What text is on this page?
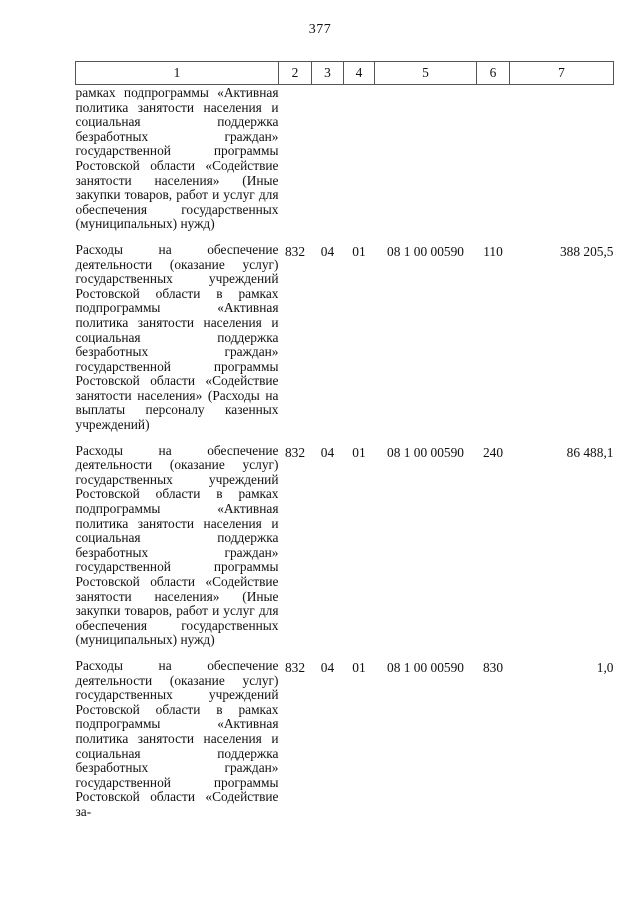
377
1	2	3	4	5	6	7
рамках подпрограммы «Активная политика занятости населения и социальная поддержка безработных граждан» государственной программы Ростовской области «Содействие занятости населения» (Иные закупки товаров, работ и услуг для обеспечения государственных (муниципальных) нужд)						
Расходы на обеспечение деятельности (оказание услуг) государственных учреждений Ростовской области в рамках подпрограммы «Активная политика занятости населения и социальная поддержка безработных граждан» государственной программы Ростовской области «Содействие занятости населения» (Расходы на выплаты персоналу казенных учреждений)	832	04	01	08 1 00 00590	110	388 205,5
Расходы на обеспечение деятельности (оказание услуг) государственных учреждений Ростовской области в рамках подпрограммы «Активная политика занятости населения и социальная поддержка безработных граждан» государственной программы Ростовской области «Содействие занятости населения» (Иные закупки товаров, работ и услуг для обеспечения государственных (муниципальных) нужд)	832	04	01	08 1 00 00590	240	86 488,1
Расходы на обеспечение деятельности (оказание услуг) государственных учреждений Ростовской области в рамках подпрограммы «Активная политика занятости населения и социальная поддержка безработных граждан» государственной программы Ростовской области «Содействие за-	832	04	01	08 1 00 00590	830	1,0
